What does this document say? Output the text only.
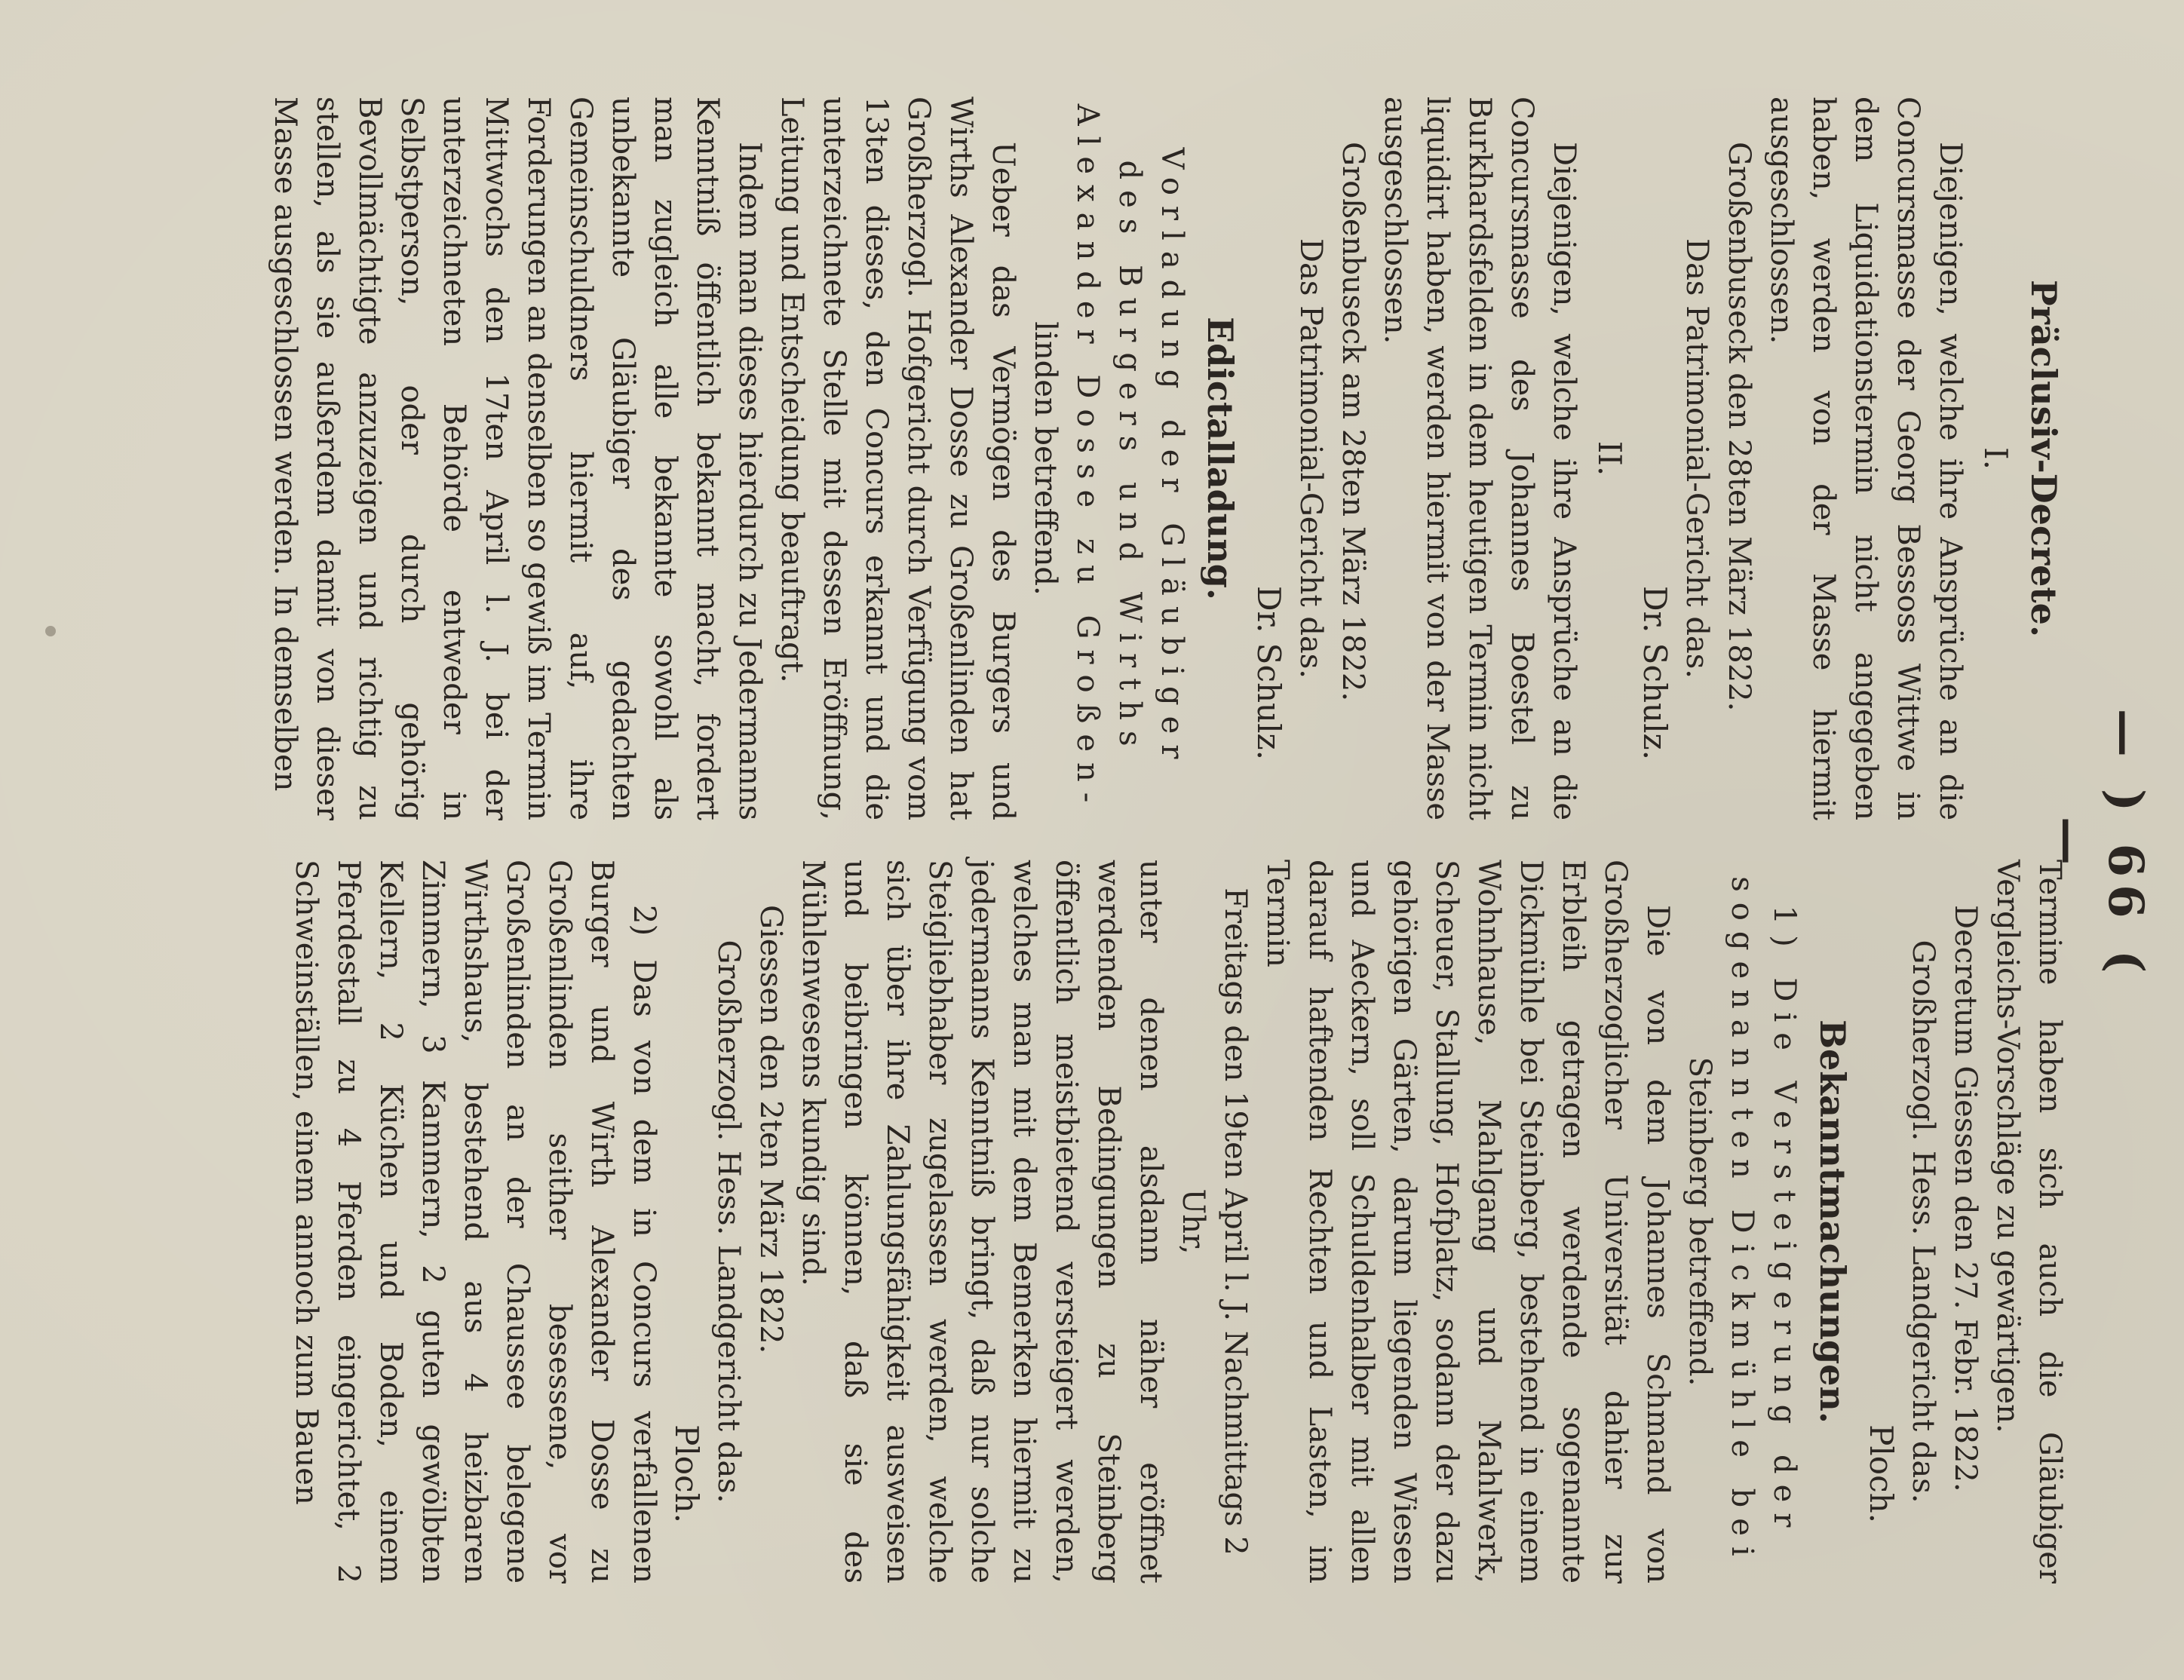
— ) 66 ( —
Präclusiv-Decrete.
I.

Diejenigen, welche ihre Ansprüche an die Concursmasse der Georg Bessoss Wittwe in dem Liquidationstermin nicht angegeben haben, werden von der Masse hiermit ausgeschlossen.

Großenbuseck den 28ten März 1822.

Das Patrimonial-Gericht das.

Dr. Schulz.

II.

Diejenigen, welche ihre Ansprüche an die Concursmasse des Johannes Boestel zu Burkhardsfelden in dem heutigen Termin nicht liquidirt haben, werden hiermit von der Masse ausgeschlossen.

Großenbuseck am 28ten März 1822.

Das Patrimonial-Gericht das.

Dr. Schulz.

Edictalladung.

Vorladung der Gläubiger

des Burgers und Wirths

Alexander Dosse zu Großen-

linden betreffend.

Ueber das Vermögen des Burgers und Wirths Alexander Dosse zu Großenlinden hat Großherzogl. Hofgericht durch Verfügung vom 13ten dieses, den Concurs erkannt und die unterzeichnete Stelle mit dessen Eröffnung, Leitung und Entscheidung beauftragt.

Indem man dieses hierdurch zu Jedermanns Kenntniß öffentlich bekannt macht, fordert man zugleich alle bekannte sowohl als unbekannte Gläubiger des gedachten Gemeinschuldners hiermit auf, ihre Forderungen an denselben so gewiß im Termin Mittwochs den 17ten April l. J. bei der unterzeichneten Behörde entweder in Selbstperson, oder durch gehörig Bevollmächtigte anzuzeigen und richtig zu stellen, als sie außerdem damit von dieser Masse ausgeschlossen werden. In demselben

Termine haben sich auch die Gläubiger Vergleichs-Vorschläge zu gewärtigen.

Decretum Giessen den 27. Febr. 1822.

Großherzogl. Hess. Landgericht das.

Ploch.

Bekanntmachungen.

1) Die Versteigerung der

sogenannten Dickmühle bei

Steinberg betreffend.

Die von dem Johannes Schmand von Großherzoglicher Universität dahier zur Erbleih getragen werdende sogenannte Dickmühle bei Steinberg, bestehend in einem Wohnhause, Mahlgang und Mahlwerk, Scheuer, Stallung, Hofplatz, sodann der dazu gehörigen Gärten, darum liegenden Wiesen und Aeckern, soll Schuldenhalber mit allen darauf haftenden Rechten und Lasten, im Termin

Freitags den 19ten April l. J. Nachmittags 2 Uhr,

unter denen alsdann näher eröffnet werdenden Bedingungen zu Steinberg öffentlich meistbietend versteigert werden, welches man mit dem Bemerken hiermit zu jedermanns Kenntniß bringt, daß nur solche Steigliebhaber zugelassen werden, welche sich über ihre Zahlungsfähigkeit ausweisen und beibringen können, daß sie des Mühlenwesens kundig sind.

Giessen den 2ten März 1822.

Großherzogl. Hess. Landgericht das.

Ploch.

2) Das von dem in Concurs verfallenen Burger und Wirth Alexander Dosse zu Großenlinden seither besessene, vor Großenlinden an der Chaussee belegene Wirthshaus, bestehend aus 4 heizbaren Zimmern, 3 Kammern, 2 guten gewölbten Kellern, 2 Küchen und Boden, einem Pferdestall zu 4 Pferden eingerichtet, 2 Schweinställen, einem annoch zum Bauen
